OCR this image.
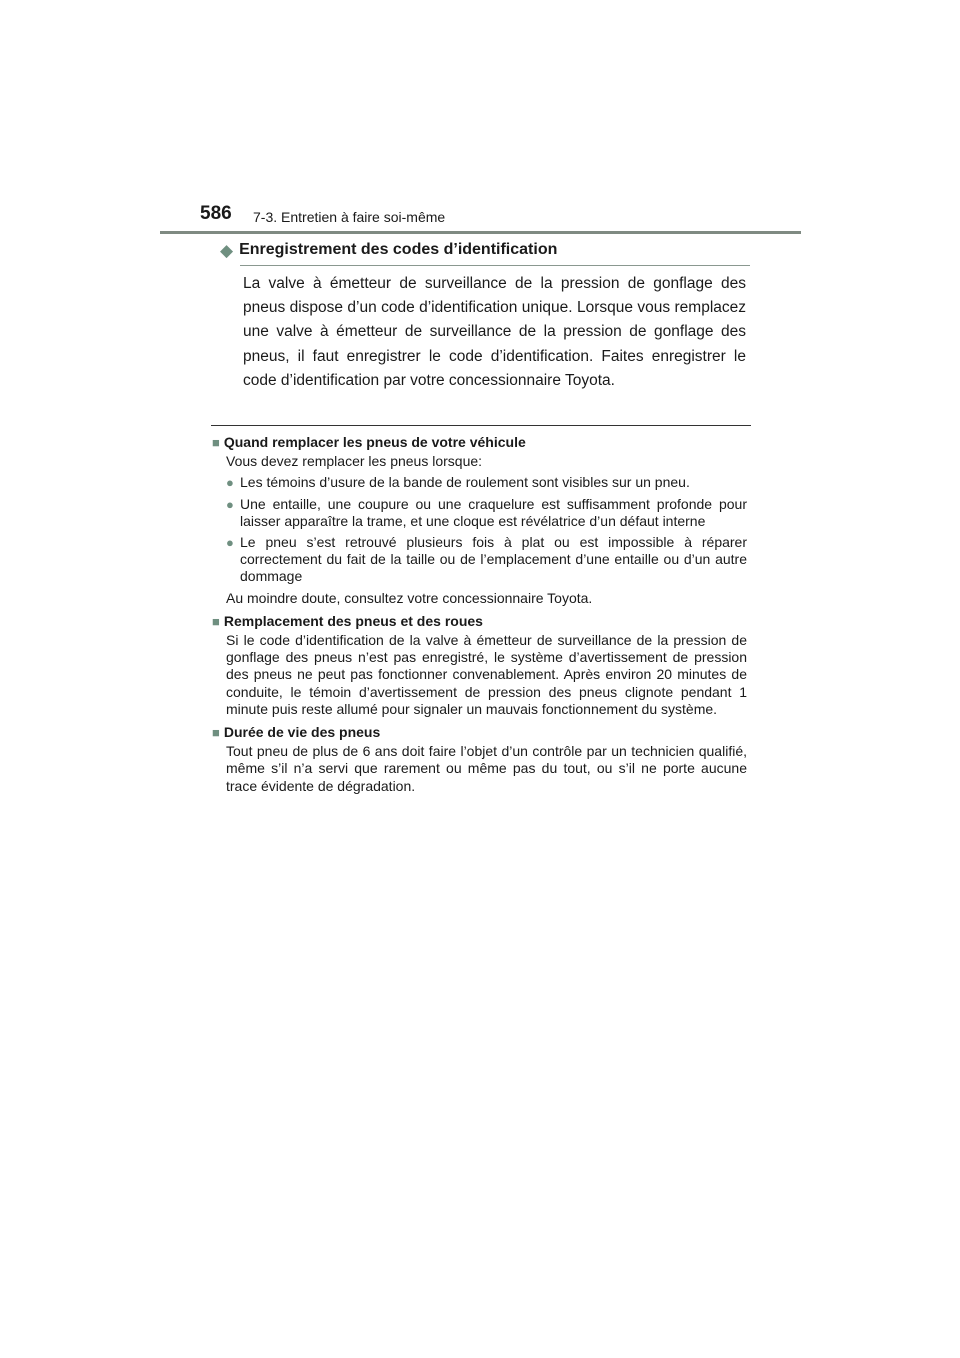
586 7-3. Entretien à faire soi-même
◆ Enregistrement des codes d’identification

La valve à émetteur de surveillance de la pression de gonflage des pneus dispose d’un code d’identification unique. Lorsque vous remplacez une valve à émetteur de surveillance de la pression de gonflage des pneus, il faut enregistrer le code d’identification. Faites enregistrer le code d’identification par votre concessionnaire Toyota.

■ Quand remplacer les pneus de votre véhicule
Vous devez remplacer les pneus lorsque:
● Les témoins d’usure de la bande de roulement sont visibles sur un pneu.
● Une entaille, une coupure ou une craquelure est suffisamment profonde pour laisser apparaître la trame, et une cloque est révélatrice d’un défaut interne
● Le pneu s’est retrouvé plusieurs fois à plat ou est impossible à réparer correctement du fait de la taille ou de l’emplacement d’une entaille ou d’un autre dommage
Au moindre doute, consultez votre concessionnaire Toyota.
■ Remplacement des pneus et des roues

Si le code d’identification de la valve à émetteur de surveillance de la pression de gonflage des pneus n’est pas enregistré, le système d’avertissement de pression des pneus ne peut pas fonctionner convenablement. Après environ 20 minutes de conduite, le témoin d’avertissement de pression des pneus clignote pendant 1 minute puis reste allumé pour signaler un mauvais fonctionnement du système.

■ Durée de vie des pneus

Tout pneu de plus de 6 ans doit faire l’objet d’un contrôle par un technicien qualifié, même s’il n’a servi que rarement ou même pas du tout, ou s’il ne porte aucune trace évidente de dégradation.
